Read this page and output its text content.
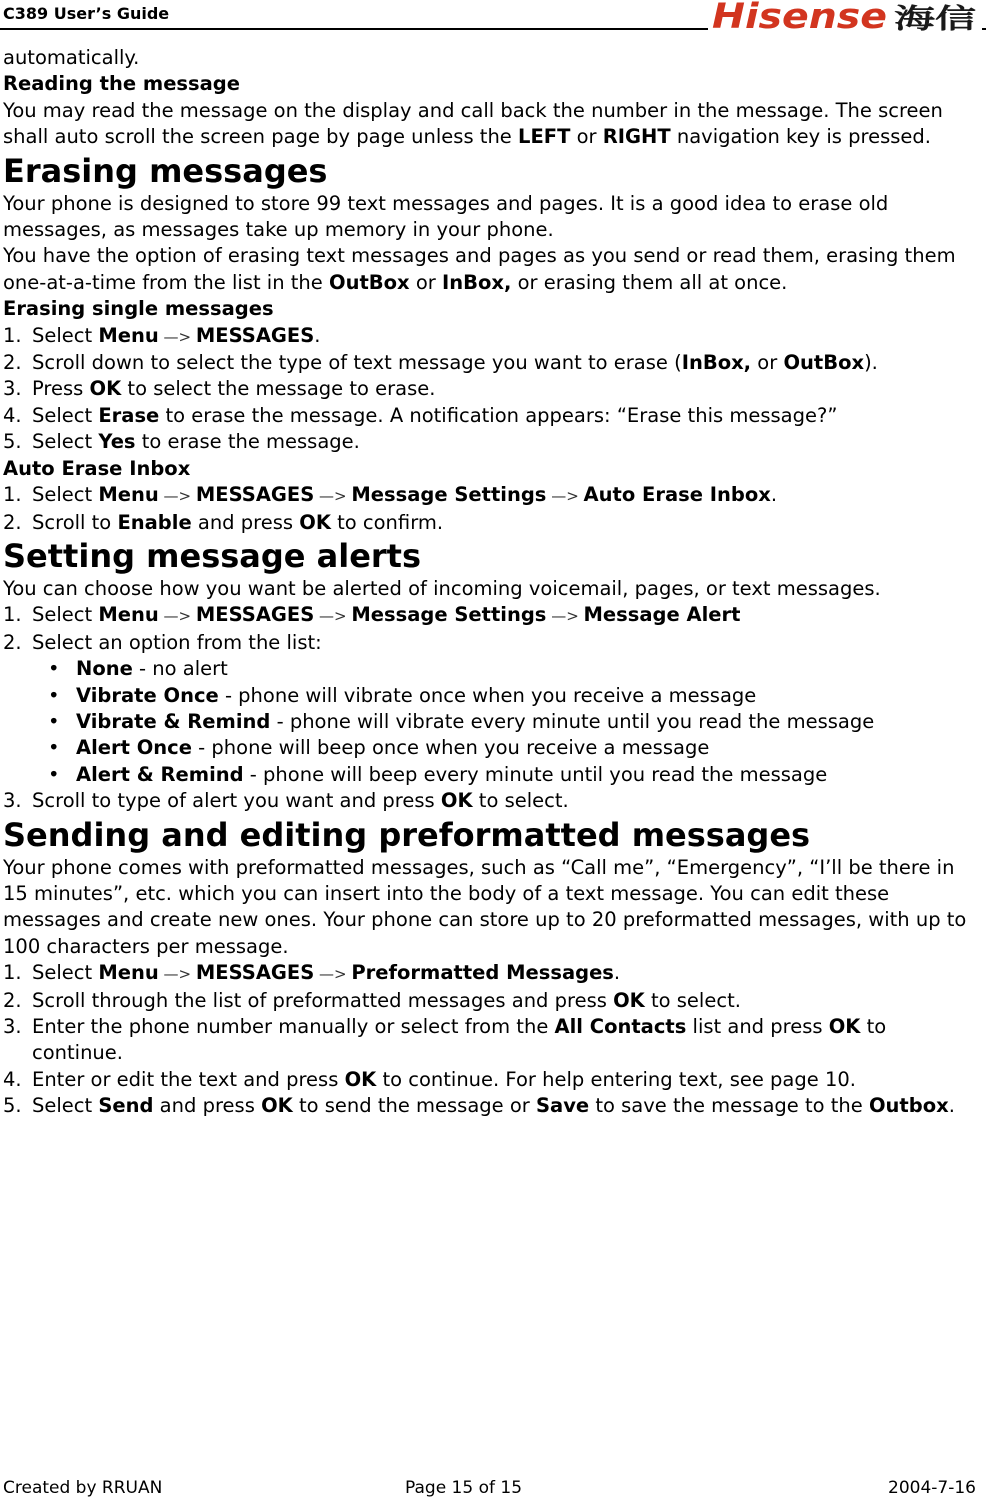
C389 User’s Guide	Hisense 海信

automatically.

Reading the message

You may read the message on the display and call back the number in the message. The screen shall auto scroll the screen page by page unless the LEFT or RIGHT navigation key is pressed.

Erasing messages

Your phone is designed to store 99 text messages and pages. It is a good idea to erase old messages, as messages take up memory in your phone.

You have the option of erasing text messages and pages as you send or read them, erasing them one-at-a-time from the list in the OutBox or InBox, or erasing them all at once.

Erasing single messages

1. Select Menu —> MESSAGES.
2. Scroll down to select the type of text message you want to erase (InBox, or OutBox).
3. Press OK to select the message to erase.
4. Select Erase to erase the message. A notification appears: “Erase this message?”
5. Select Yes to erase the message.

Auto Erase Inbox

1. Select Menu —> MESSAGES —> Message Settings —> Auto Erase Inbox.
2. Scroll to Enable and press OK to confirm.

Setting message alerts

You can choose how you want be alerted of incoming voicemail, pages, or text messages.

1. Select Menu —> MESSAGES —> Message Settings —> Message Alert
2. Select an option from the list:
• None - no alert
• Vibrate Once - phone will vibrate once when you receive a message
• Vibrate & Remind - phone will vibrate every minute until you read the message
• Alert Once - phone will beep once when you receive a message
• Alert & Remind - phone will beep every minute until you read the message
3. Scroll to type of alert you want and press OK to select.

Sending and editing preformatted messages

Your phone comes with preformatted messages, such as “Call me”, “Emergency”, “I’ll be there in 15 minutes”, etc. which you can insert into the body of a text message. You can edit these messages and create new ones. Your phone can store up to 20 preformatted messages, with up to 100 characters per message.

1. Select Menu —> MESSAGES —> Preformatted Messages.
2. Scroll through the list of preformatted messages and press OK to select.
3. Enter the phone number manually or select from the All Contacts list and press OK to continue.
4. Enter or edit the text and press OK to continue. For help entering text, see page 10.
5. Select Send and press OK to send the message or Save to save the message to the Outbox.
Created by RRUAN	Page 15 of 15	2004-7-16
